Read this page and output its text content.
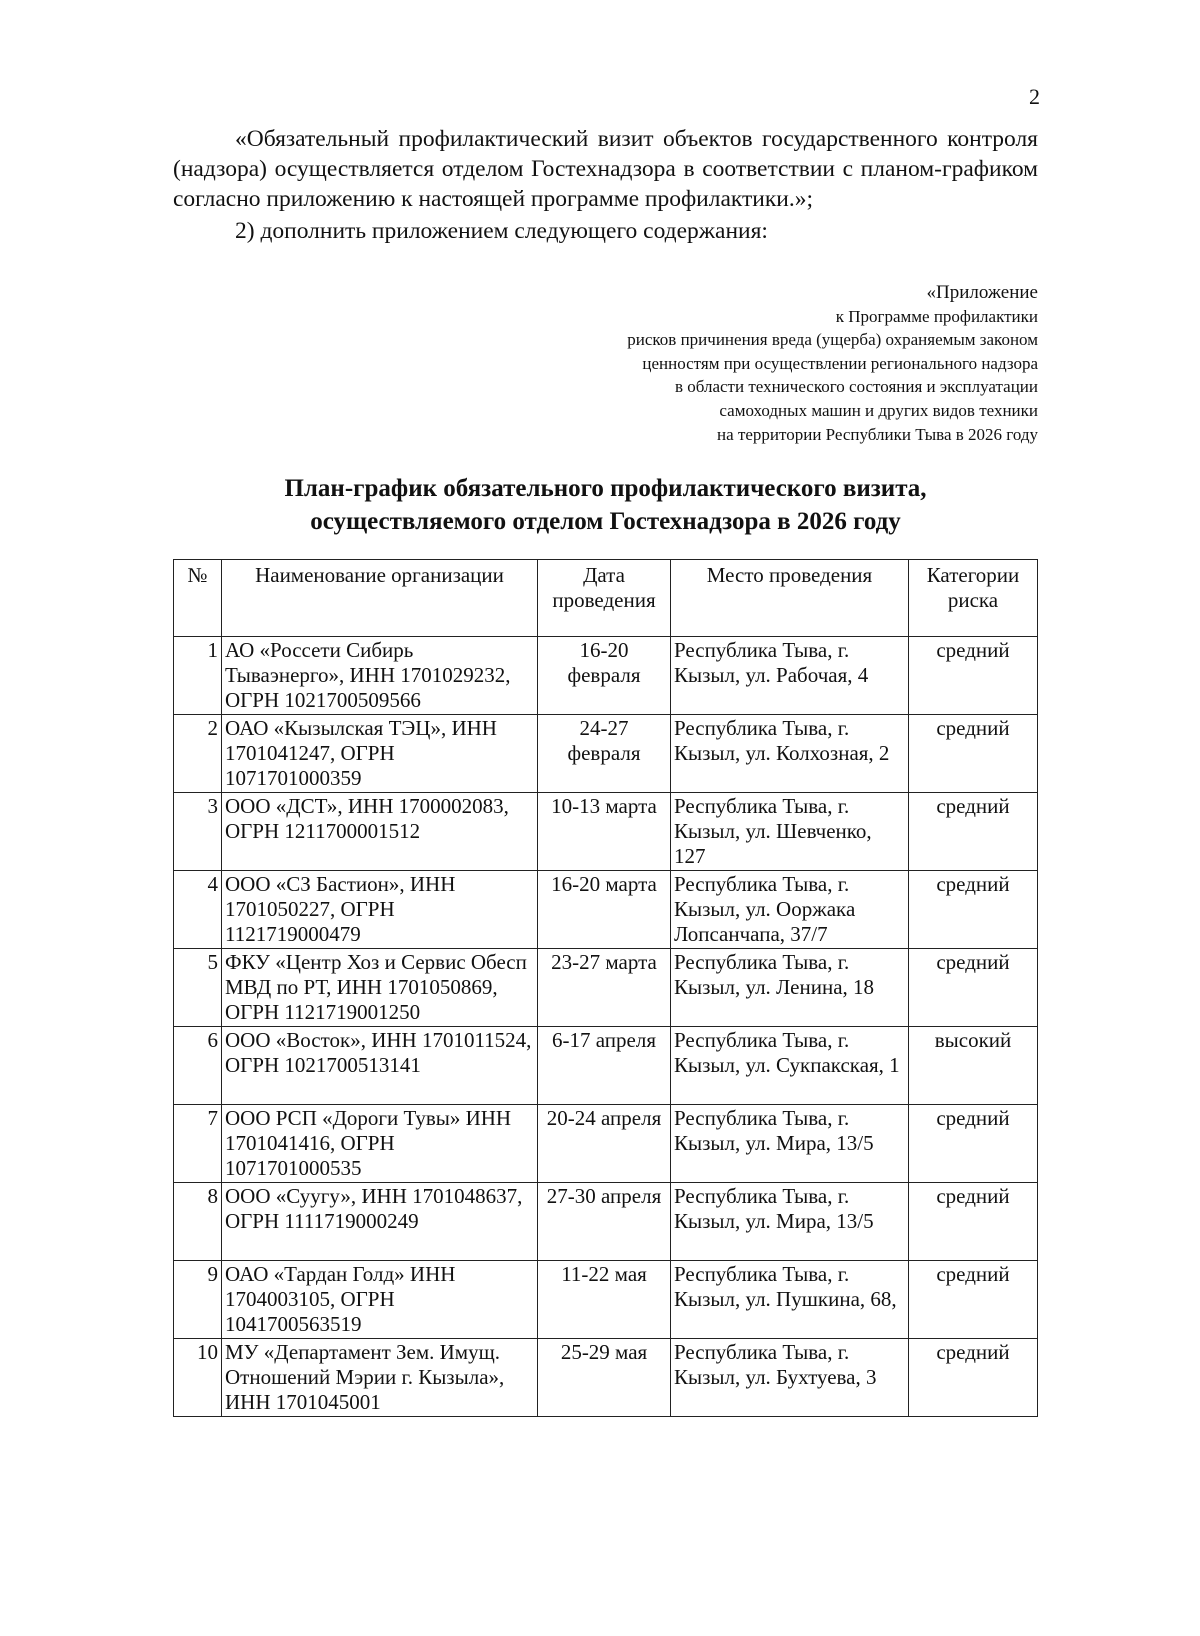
2

«Обязательный профилактический визит объектов государственного контроля (надзора) осуществляется отделом Гостехнадзора в соответствии с планом-графиком согласно приложению к настоящей программе профилактики.»;

2) дополнить приложением следующего содержания:

«Приложение
к Программе профилактики
рисков причинения вреда (ущерба) охраняемым законом
ценностям при осуществлении регионального надзора
в области технического состояния и эксплуатации
самоходных машин и других видов техники
на территории Республики Тыва в 2026 году
План-график обязательного профилактического визита,
осуществляемого отделом Гостехнадзора в 2026 году
№	Наименование организации	Дата проведения	Место проведения	Категории риска
1	АО «Россети Сибирь Тываэнерго», ИНН 1701029232, ОГРН 1021700509566	16-20 февраля	Республика Тыва, г. Кызыл, ул. Рабочая, 4	средний
2	ОАО «Кызылская ТЭЦ», ИНН 1701041247, ОГРН 1071701000359	24-27 февраля	Республика Тыва, г. Кызыл, ул. Колхозная, 2	средний
3	ООО «ДСТ», ИНН 1700002083, ОГРН 1211700001512	10-13 марта	Республика Тыва, г. Кызыл, ул. Шевченко, 127	средний
4	ООО «СЗ Бастион», ИНН 1701050227, ОГРН 1121719000479	16-20 марта	Республика Тыва, г. Кызыл, ул. Ооржака Лопсанчапа, 37/7	средний
5	ФКУ «Центр Хоз и Сервис Обесп МВД по РТ, ИНН 1701050869, ОГРН 1121719001250	23-27 марта	Республика Тыва, г. Кызыл, ул. Ленина, 18	средний
6	ООО «Восток», ИНН 1701011524, ОГРН 1021700513141	6-17 апреля	Республика Тыва, г. Кызыл, ул. Сукпакская, 1	высокий
7	ООО РСП «Дороги Тувы» ИНН 1701041416, ОГРН 1071701000535	20-24 апреля	Республика Тыва, г. Кызыл, ул. Мира, 13/5	средний
8	ООО «Суугу», ИНН 1701048637, ОГРН 1111719000249	27-30 апреля	Республика Тыва, г. Кызыл, ул. Мира, 13/5	средний
9	ОАО «Тардан Голд» ИНН 1704003105, ОГРН 1041700563519	11-22 мая	Республика Тыва, г. Кызыл, ул. Пушкина, 68,	средний
10	МУ «Департамент Зем. Имущ. Отношений Мэрии г. Кызыла», ИНН 1701045001	25-29 мая	Республика Тыва, г. Кызыл, ул. Бухтуева, 3	средний
